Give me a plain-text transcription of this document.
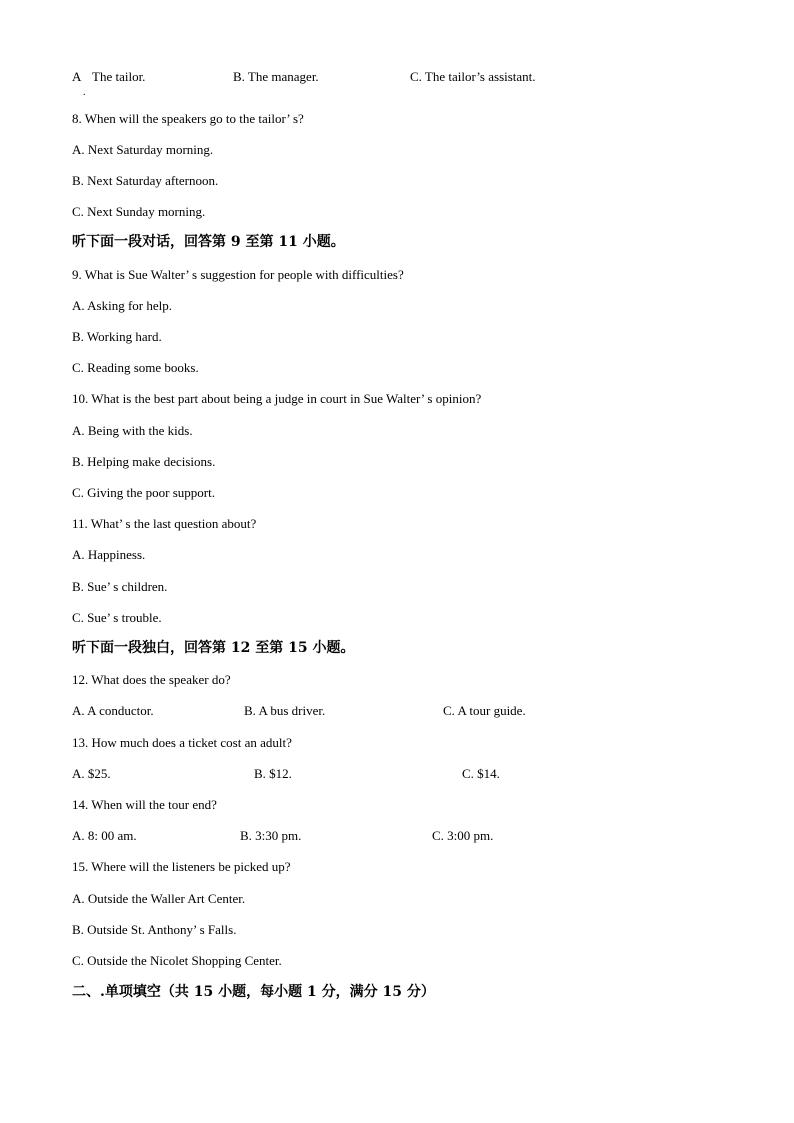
A
.
The tailor.	B. The manager.	C. The tailor’s assistant.
8. When will the speakers go to the tailor’ s?
A. Next Saturday morning.
B. Next Saturday afternoon.
C. Next Sunday morning.
听下面一段对话，回答第 9 至第 11 小题。
9. What is Sue Walter’ s suggestion for people with difficulties?
A. Asking for help.
B. Working hard.
C. Reading some books.
10. What is the best part about being a judge in court in Sue Walter’ s opinion?
A. Being with the kids.
B. Helping make decisions.
C. Giving the poor support.
11. What’ s the last question about?
A. Happiness.
B. Sue’ s children.
C. Sue’ s trouble.
听下面一段独白，回答第 12 至第 15 小题。
12. What does the speaker do?
A. A conductor.	B. A bus driver.	C. A tour guide.
13. How much does a ticket cost an adult?
A. $25.	B. $12.	C. $14.
14. When will the tour end?
A. 8: 00 am.	B. 3:30 pm.	C. 3:00 pm.
15. Where will the listeners be picked up?
A. Outside the Waller Art Center.
B. Outside St. Anthony’ s Falls.
C. Outside the Nicolet Shopping Center.
二、.单项填空（共 15 小题，每小题 1 分，满分 15 分）
